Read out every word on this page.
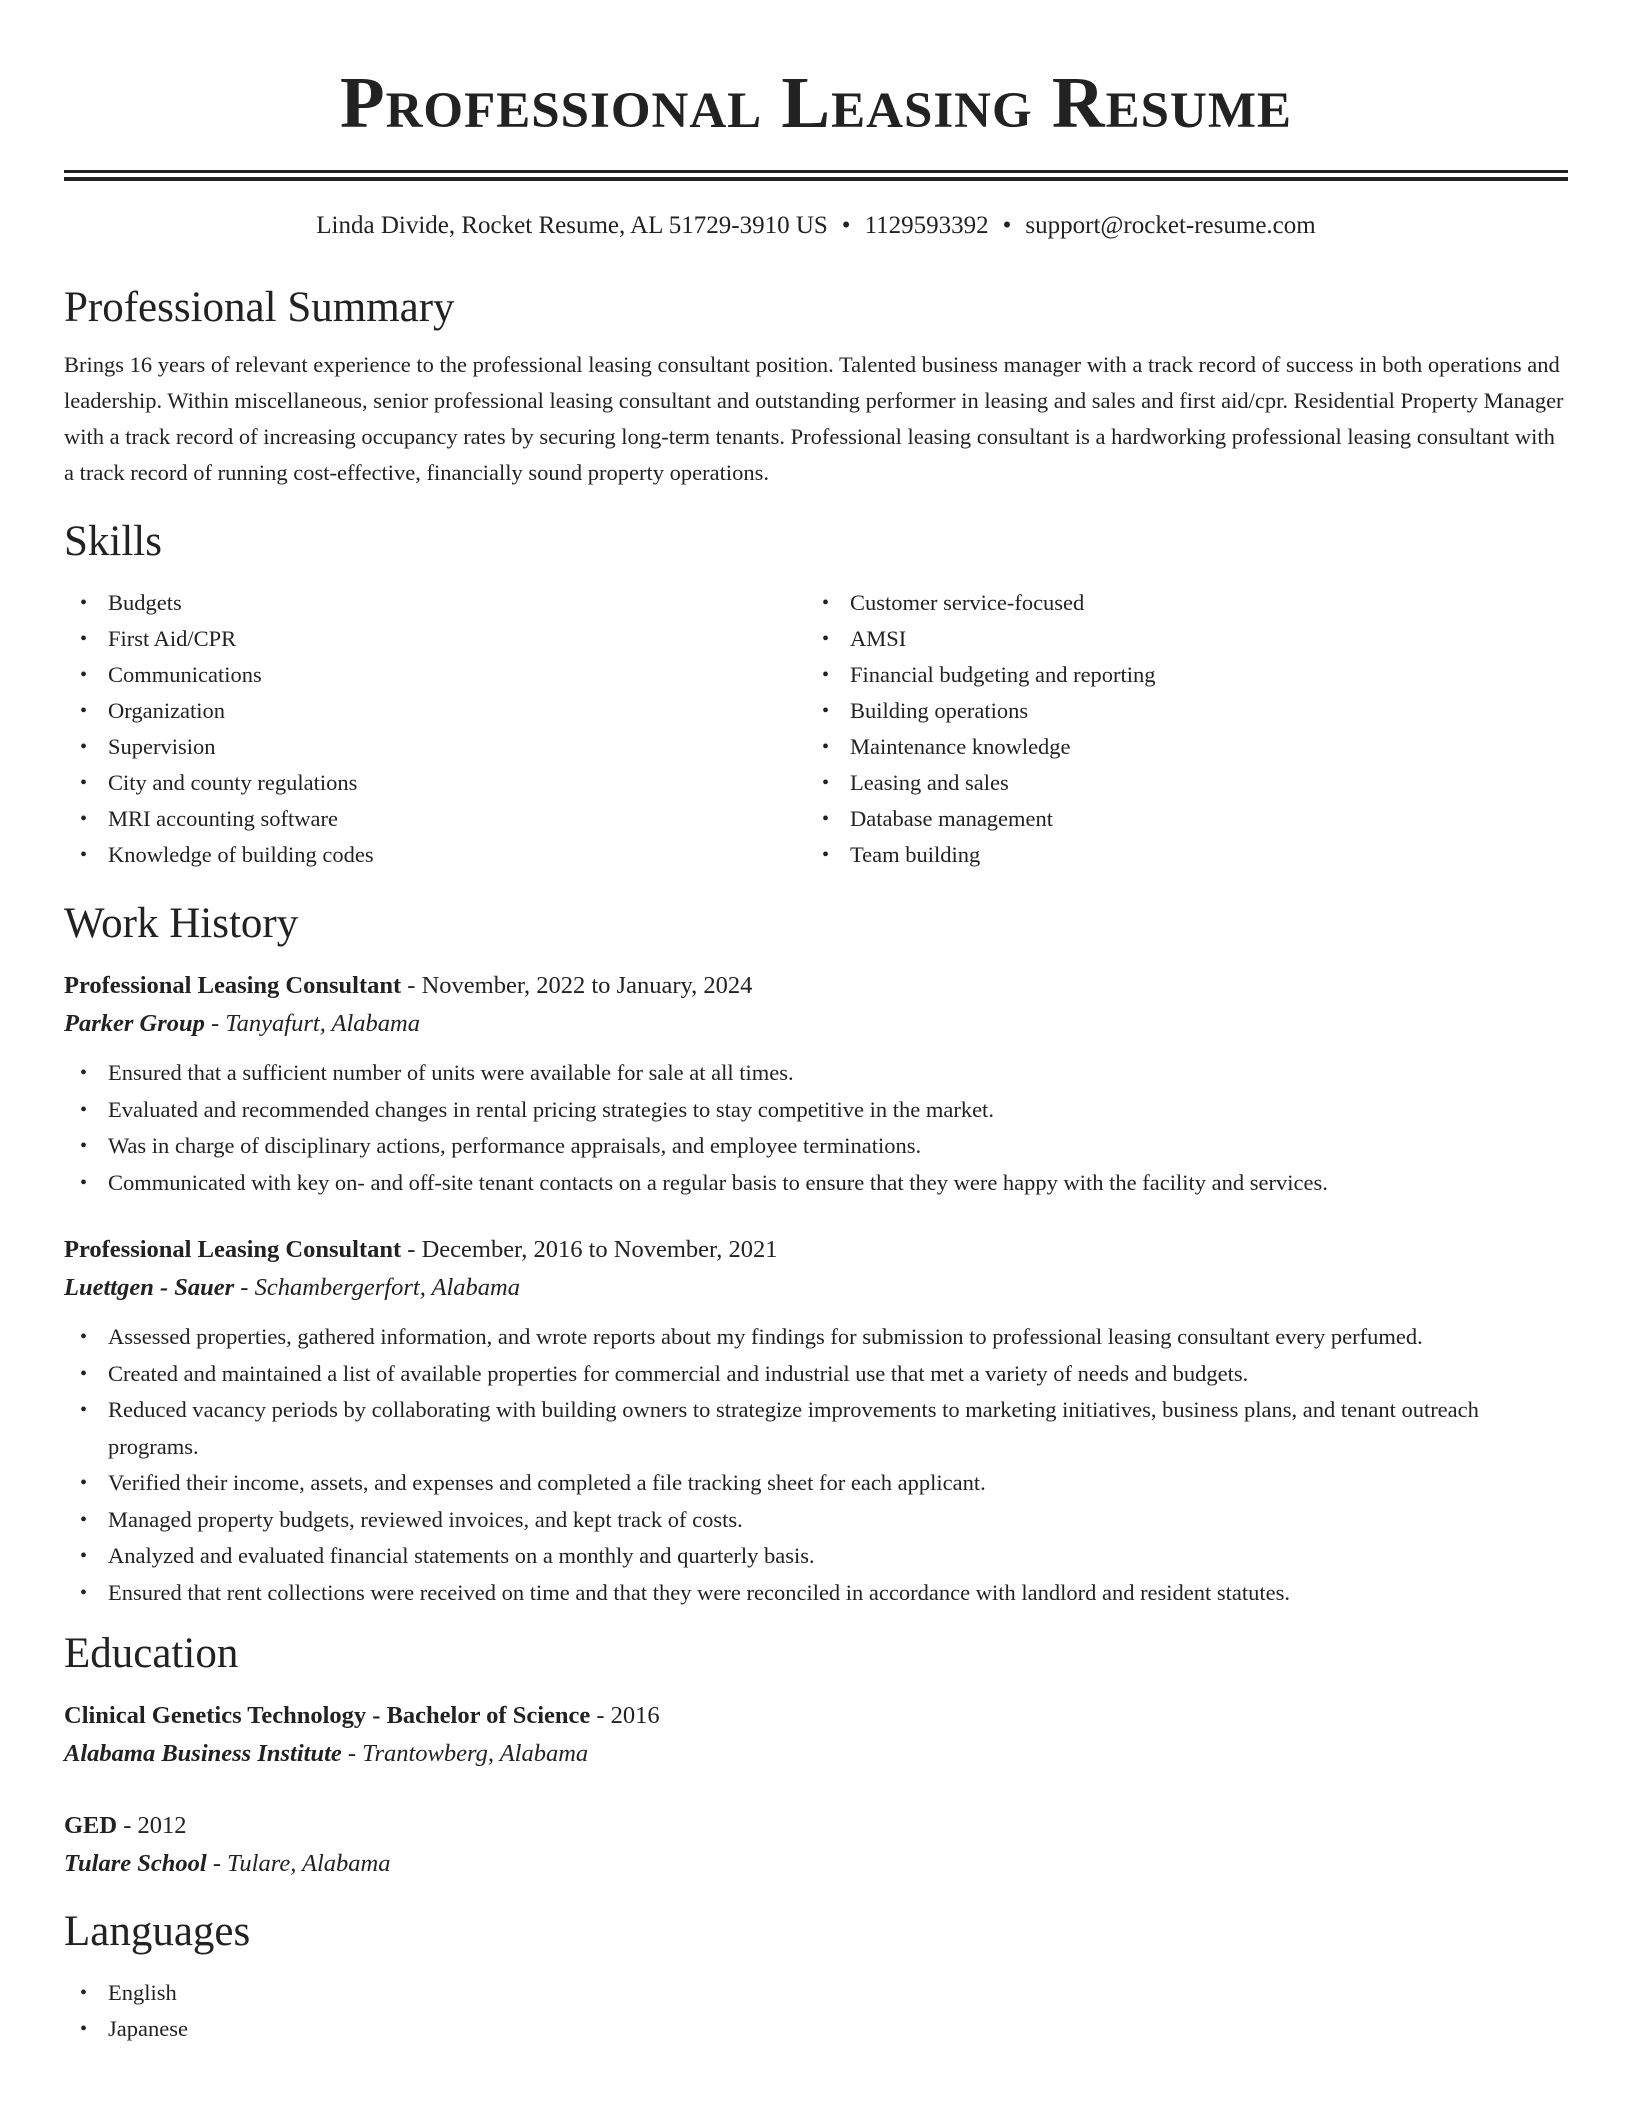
Professional Leasing Resume
Linda Divide, Rocket Resume, AL 51729-3910 US • 1129593392 • support@rocket-resume.com
Professional Summary
Brings 16 years of relevant experience to the professional leasing consultant position. Talented business manager with a track record of success in both operations and leadership. Within miscellaneous, senior professional leasing consultant and outstanding performer in leasing and sales and first aid/cpr. Residential Property Manager with a track record of increasing occupancy rates by securing long-term tenants. Professional leasing consultant is a hardworking professional leasing consultant with a track record of running cost-effective, financially sound property operations.
Skills
• Budgets
• First Aid/CPR
• Communications
• Organization
• Supervision
• City and county regulations
• MRI accounting software
• Knowledge of building codes
• Customer service-focused
• AMSI
• Financial budgeting and reporting
• Building operations
• Maintenance knowledge
• Leasing and sales
• Database management
• Team building
Work History
Professional Leasing Consultant - November, 2022 to January, 2024
Parker Group - Tanyafurt, Alabama
• Ensured that a sufficient number of units were available for sale at all times.
• Evaluated and recommended changes in rental pricing strategies to stay competitive in the market.
• Was in charge of disciplinary actions, performance appraisals, and employee terminations.
• Communicated with key on- and off-site tenant contacts on a regular basis to ensure that they were happy with the facility and services.
Professional Leasing Consultant - December, 2016 to November, 2021
Luettgen - Sauer - Schambergerfort, Alabama
• Assessed properties, gathered information, and wrote reports about my findings for submission to professional leasing consultant every perfumed.
• Created and maintained a list of available properties for commercial and industrial use that met a variety of needs and budgets.
• Reduced vacancy periods by collaborating with building owners to strategize improvements to marketing initiatives, business plans, and tenant outreach programs.
• Verified their income, assets, and expenses and completed a file tracking sheet for each applicant.
• Managed property budgets, reviewed invoices, and kept track of costs.
• Analyzed and evaluated financial statements on a monthly and quarterly basis.
• Ensured that rent collections were received on time and that they were reconciled in accordance with landlord and resident statutes.
Education
Clinical Genetics Technology - Bachelor of Science - 2016
Alabama Business Institute - Trantowberg, Alabama
GED - 2012
Tulare School - Tulare, Alabama
Languages
• English
• Japanese
